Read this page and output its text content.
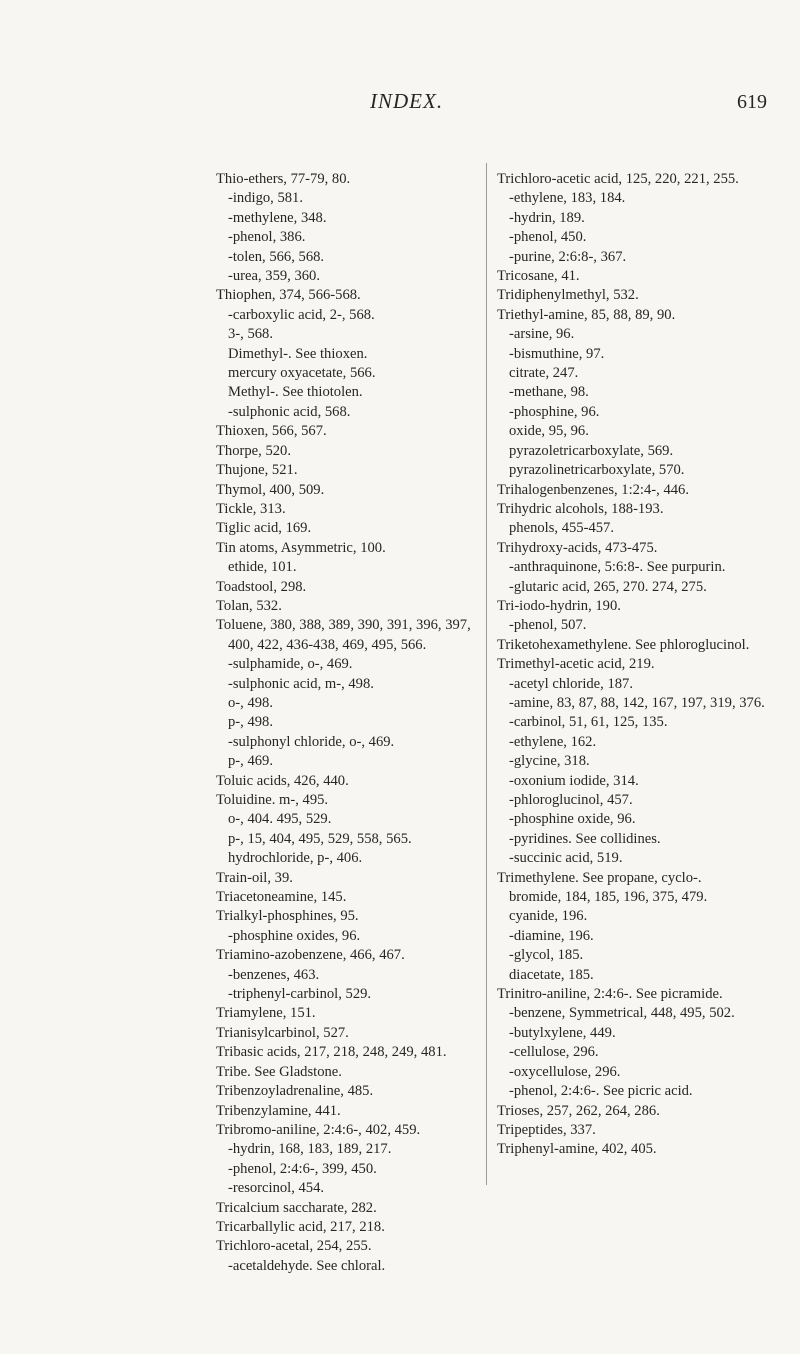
INDEX.	619
Thio-ethers, 77-79, 80.
-indigo, 581.
-methylene, 348.
-phenol, 386.
-tolen, 566, 568.
-urea, 359, 360.
Thiophen, 374, 566-568.
-carboxylic acid, 2-, 568.
3-, 568.
Dimethyl-. See thioxen.
mercury oxyacetate, 566.
Methyl-. See thiotolen.
-sulphonic acid, 568.
Thioxen, 566, 567.
Thorpe, 520.
Thujone, 521.
Thymol, 400, 509.
Tickle, 313.
Tiglic acid, 169.
Tin atoms, Asymmetric, 100.
ethide, 101.
Toadstool, 298.
Tolan, 532.
Toluene, 380, 388, 389, 390, 391, 396, 397, 400, 422, 436-438, 469, 495, 566.
-sulphamide, o-, 469.
-sulphonic acid, m-, 498.
o-, 498.
p-, 498.
-sulphonyl chloride, o-, 469.
p-, 469.
Toluic acids, 426, 440.
Toluidine. m-, 495.
o-, 404. 495, 529.
p-, 15, 404, 495, 529, 558, 565.
hydrochloride, p-, 406.
Train-oil, 39.
Triacetoneamine, 145.
Trialkyl-phosphines, 95.
-phosphine oxides, 96.
Triamino-azobenzene, 466, 467.
-benzenes, 463.
-triphenyl-carbinol, 529.
Triamylene, 151.
Trianisylcarbinol, 527.
Tribasic acids, 217, 218, 248, 249, 481.
Tribe. See Gladstone.
Tribenzoyladrenaline, 485.
Tribenzylamine, 441.
Tribromo-aniline, 2:4:6-, 402, 459.
-hydrin, 168, 183, 189, 217.
-phenol, 2:4:6-, 399, 450.
-resorcinol, 454.
Tricalcium saccharate, 282.
Tricarballylic acid, 217, 218.
Trichloro-acetal, 254, 255.
-acetaldehyde. See chloral.
Trichloro-acetic acid, 125, 220, 221, 255.
-ethylene, 183, 184.
-hydrin, 189.
-phenol, 450.
-purine, 2:6:8-, 367.
Tricosane, 41.
Tridiphenylmethyl, 532.
Triethyl-amine, 85, 88, 89, 90.
-arsine, 96.
-bismuthine, 97.
citrate, 247.
-methane, 98.
-phosphine, 96.
oxide, 95, 96.
pyrazoletricarboxylate, 569.
pyrazolinetricarboxylate, 570.
Trihalogenbenzenes, 1:2:4-, 446.
Trihydric alcohols, 188-193.
phenols, 455-457.
Trihydroxy-acids, 473-475.
-anthraquinone, 5:6:8-. See purpurin.
-glutaric acid, 265, 270. 274, 275.
Tri-iodo-hydrin, 190.
-phenol, 507.
Triketohexamethylene. See phloroglucinol.
Trimethyl-acetic acid, 219.
-acetyl chloride, 187.
-amine, 83, 87, 88, 142, 167, 197, 319, 376.
-carbinol, 51, 61, 125, 135.
-ethylene, 162.
-glycine, 318.
-oxonium iodide, 314.
-phloroglucinol, 457.
-phosphine oxide, 96.
-pyridines. See collidines.
-succinic acid, 519.
Trimethylene. See propane, cyclo-.
bromide, 184, 185, 196, 375, 479.
cyanide, 196.
-diamine, 196.
-glycol, 185.
diacetate, 185.
Trinitro-aniline, 2:4:6-. See picramide.
-benzene, Symmetrical, 448, 495, 502.
-butylxylene, 449.
-cellulose, 296.
-oxycellulose, 296.
-phenol, 2:4:6-. See picric acid.
Trioses, 257, 262, 264, 286.
Tripeptides, 337.
Triphenyl-amine, 402, 405.
